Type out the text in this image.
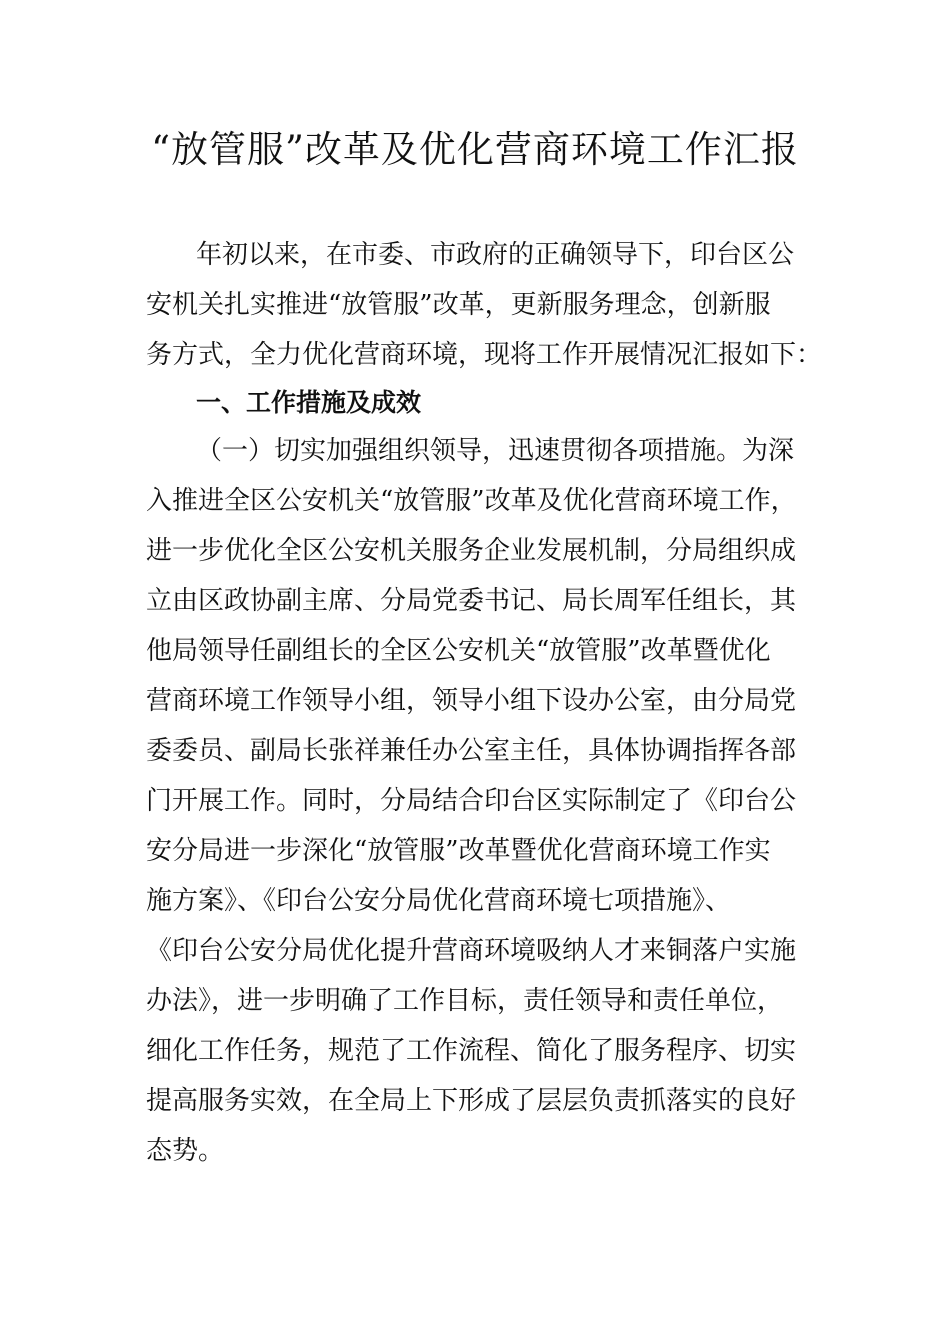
“放管服”改革及优化营商环境工作汇报
年初以来，在市委、市政府的正确领导下，印台区公
安机关扎实推进“放管服”改革，更新服务理念，创新服
务方式，全力优化营商环境，现将工作开展情况汇报如下：
一、工作措施及成效
（一）切实加强组织领导，迅速贯彻各项措施。为深
入推进全区公安机关“放管服”改革及优化营商环境工作，
进一步优化全区公安机关服务企业发展机制，分局组织成
立由区政协副主席、分局党委书记、局长周军任组长，其
他局领导任副组长的全区公安机关“放管服”改革暨优化
营商环境工作领导小组，领导小组下设办公室，由分局党
委委员、副局长张祥兼任办公室主任，具体协调指挥各部
门开展工作。同时，分局结合印台区实际制定了《印台公
安分局进一步深化“放管服”改革暨优化营商环境工作实
施方案》、《印台公安分局优化营商环境七项措施》、
《印台公安分局优化提升营商环境吸纳人才来铜落户实施
办法》，进一步明确了工作目标，责任领导和责任单位，
细化工作任务，规范了工作流程、简化了服务程序、切实
提高服务实效，在全局上下形成了层层负责抓落实的良好
态势。
